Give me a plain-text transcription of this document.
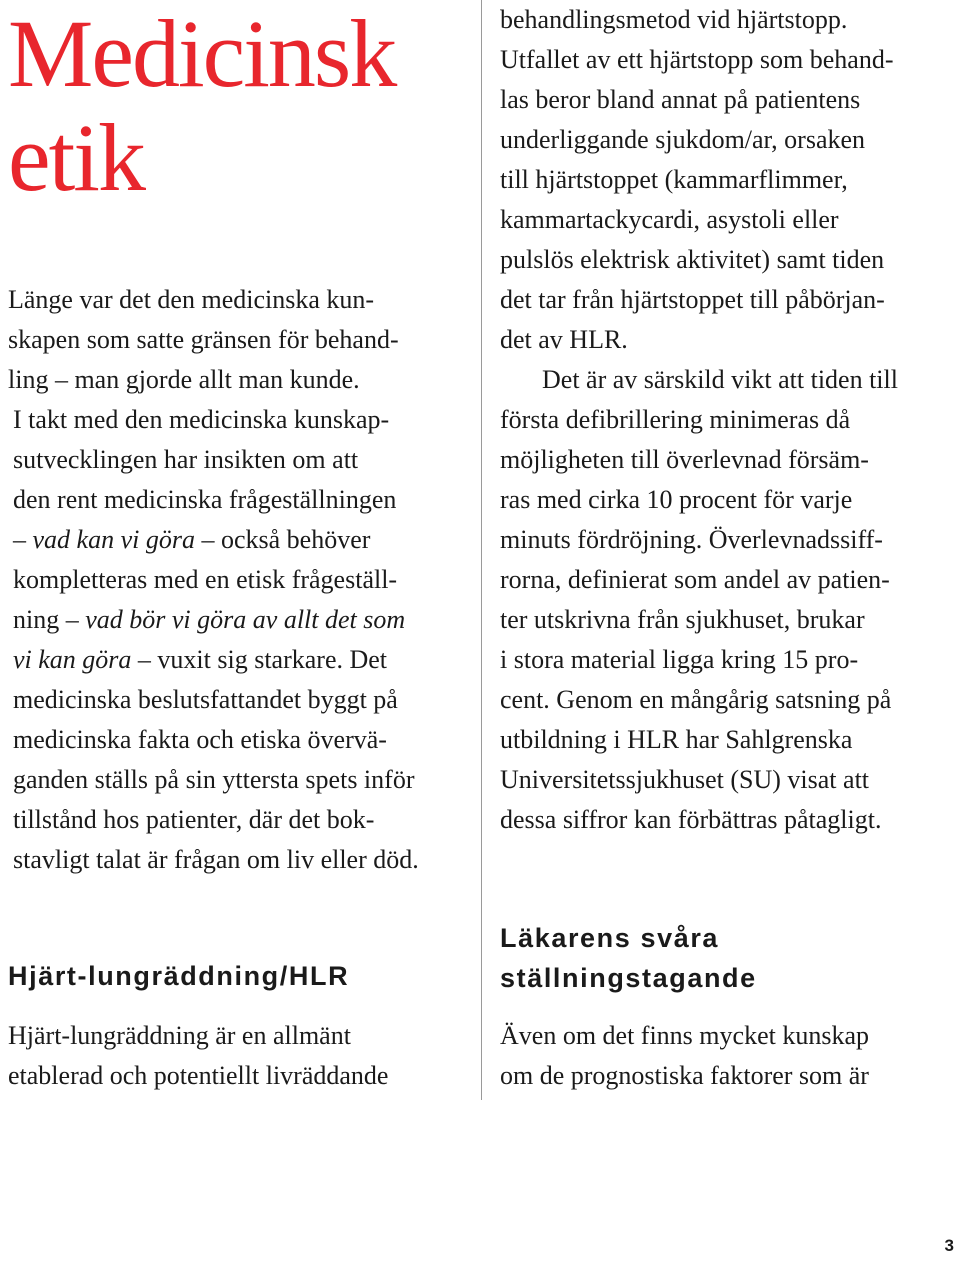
Medicinsk
etik

Länge var det den medicinska kun-
skapen som satte gränsen för behand-
ling – man gjorde allt man kunde.

I takt med den medicinska kunskap-
sutvecklingen har insikten om att
den rent medicinska frågeställningen
– vad kan vi göra – också behöver
kompletteras med en etisk frågeställ-
ning – vad bör vi göra av allt det som
vi kan göra – vuxit sig starkare. Det
medicinska beslutsfattandet byggt på
medicinska fakta och etiska övervä-
ganden ställs på sin yttersta spets inför
tillstånd hos patienter, där det bok-
stavligt talat är frågan om liv eller död.

Hjärt-lungräddning/HLR

Hjärt-lungräddning är en allmänt
etablerad och potentiellt livräddande

behandlingsmetod vid hjärtstopp.
Utfallet av ett hjärtstopp som behand-
las beror bland annat på patientens
underliggande sjukdom/ar, orsaken
till hjärtstoppet (kammarflimmer,
kammartackycardi, asystoli eller
pulslös elektrisk aktivitet) samt tiden
det tar från hjärtstoppet till påbörjan-
det av HLR.

Det är av särskild vikt att tiden till
första defibrillering minimeras då
möjligheten till överlevnad försäm-
ras med cirka 10 procent för varje
minuts fördröjning. Överlevnadssiff-
rorna, definierat som andel av patien-
ter utskrivna från sjukhuset, brukar
i stora material ligga kring 15 pro-
cent. Genom en mångårig satsning på
utbildning i HLR har Sahlgrenska
Universitetssjukhuset (SU) visat att
dessa siffror kan förbättras påtagligt.

Läkarens svåra
ställningstagande

Även om det finns mycket kunskap
om de prognostiska faktorer som är

3
